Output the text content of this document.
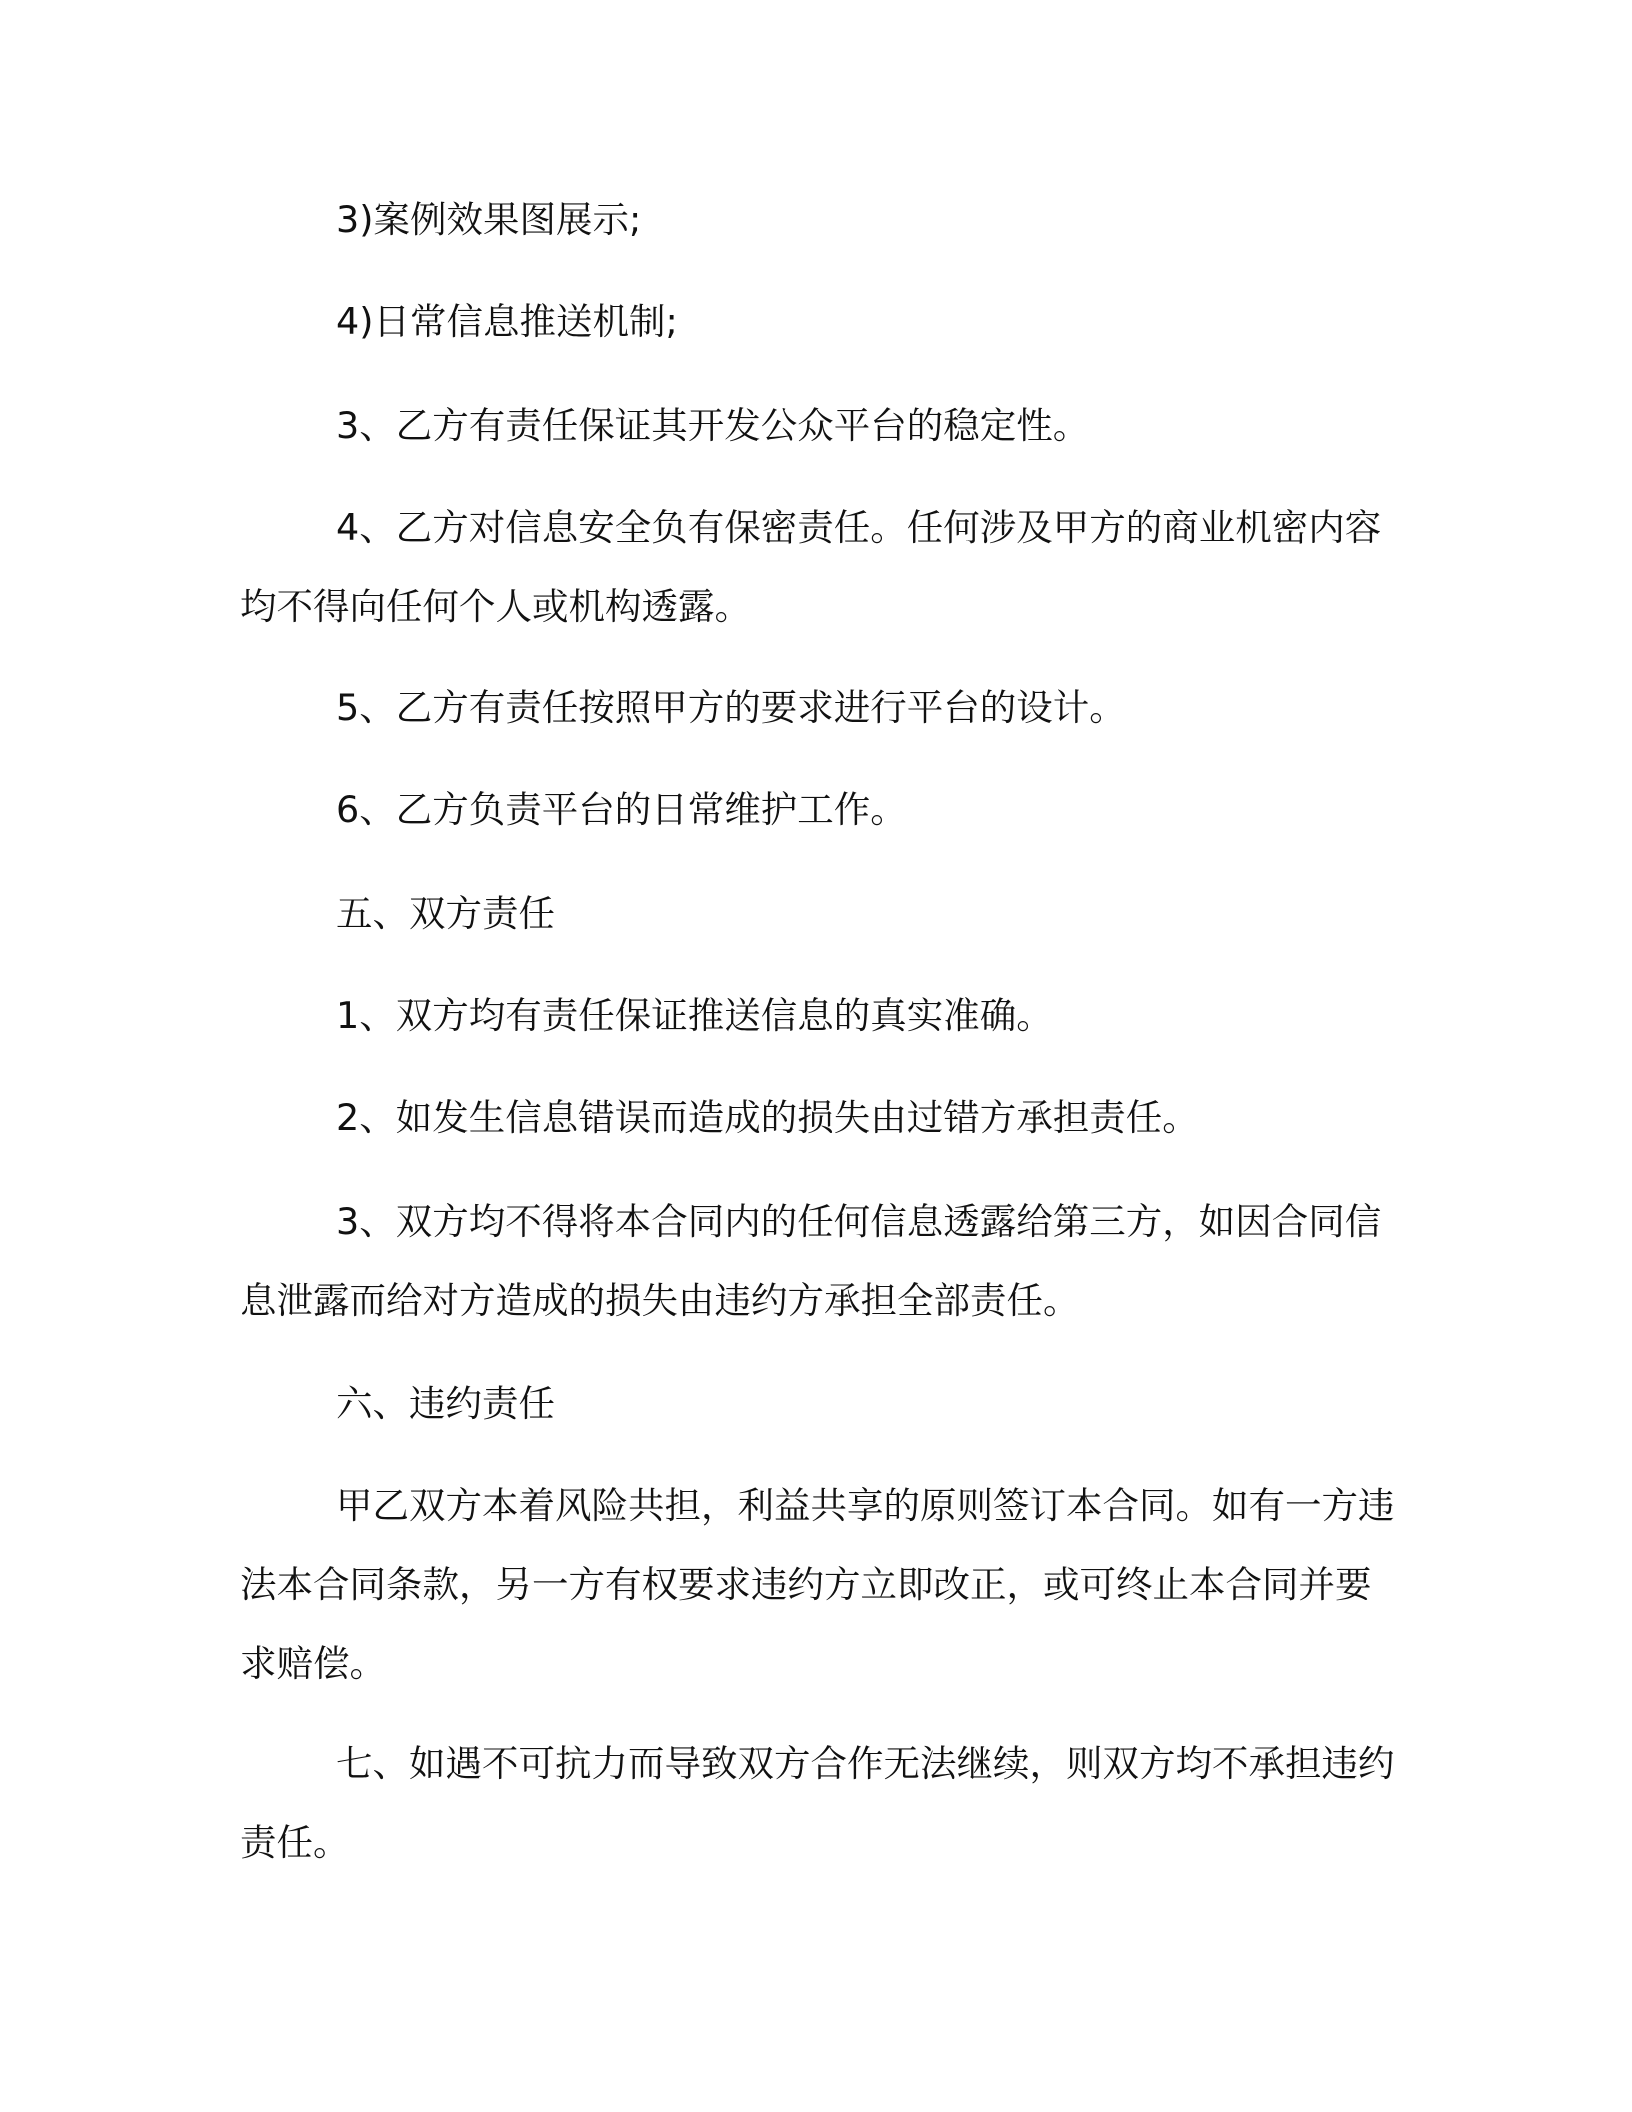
3)案例效果图展示;

4)日常信息推送机制;

3、乙方有责任保证其开发公众平台的稳定性。

4、乙方对信息安全负有保密责任。任何涉及甲方的商业机密内容均不得向任何个人或机构透露。

5、乙方有责任按照甲方的要求进行平台的设计。

6、乙方负责平台的日常维护工作。

五、双方责任

1、双方均有责任保证推送信息的真实准确。

2、如发生信息错误而造成的损失由过错方承担责任。

3、双方均不得将本合同内的任何信息透露给第三方，如因合同信息泄露而给对方造成的损失由违约方承担全部责任。

六、违约责任

甲乙双方本着风险共担，利益共享的原则签订本合同。如有一方违法本合同条款，另一方有权要求违约方立即改正，或可终止本合同并要求赔偿。

七、如遇不可抗力而导致双方合作无法继续，则双方均不承担违约责任。
